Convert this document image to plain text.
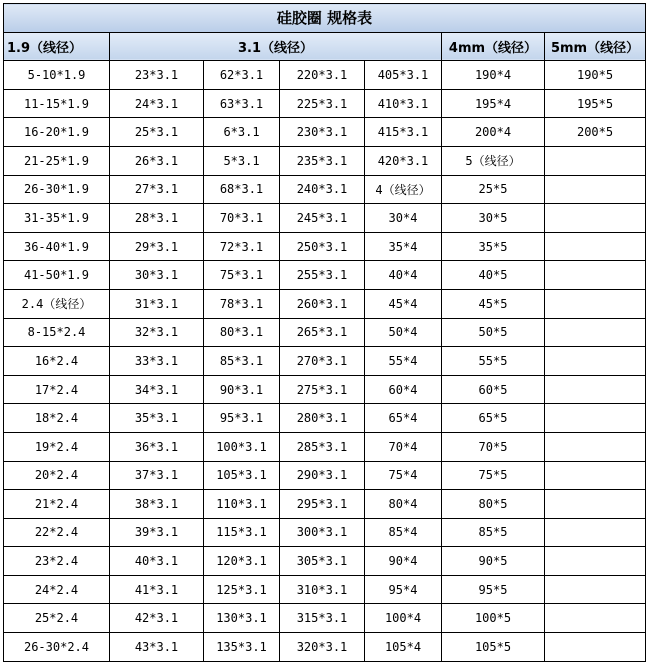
硅胶圈 规格表						
1.9（线径）	3.1（线径）				4mm（线径）	5mm（线径）
5-10*1.9	23*3.1	62*3.1	220*3.1	405*3.1	190*4	190*5
11-15*1.9	24*3.1	63*3.1	225*3.1	410*3.1	195*4	195*5
16-20*1.9	25*3.1	6*3.1	230*3.1	415*3.1	200*4	200*5
21-25*1.9	26*3.1	5*3.1	235*3.1	420*3.1	5（线径）	
26-30*1.9	27*3.1	68*3.1	240*3.1	4（线径）	25*5	
31-35*1.9	28*3.1	70*3.1	245*3.1	30*4	30*5	
36-40*1.9	29*3.1	72*3.1	250*3.1	35*4	35*5	
41-50*1.9	30*3.1	75*3.1	255*3.1	40*4	40*5	
2.4（线径）	31*3.1	78*3.1	260*3.1	45*4	45*5	
8-15*2.4	32*3.1	80*3.1	265*3.1	50*4	50*5	
16*2.4	33*3.1	85*3.1	270*3.1	55*4	55*5	
17*2.4	34*3.1	90*3.1	275*3.1	60*4	60*5	
18*2.4	35*3.1	95*3.1	280*3.1	65*4	65*5	
19*2.4	36*3.1	100*3.1	285*3.1	70*4	70*5	
20*2.4	37*3.1	105*3.1	290*3.1	75*4	75*5	
21*2.4	38*3.1	110*3.1	295*3.1	80*4	80*5	
22*2.4	39*3.1	115*3.1	300*3.1	85*4	85*5	
23*2.4	40*3.1	120*3.1	305*3.1	90*4	90*5	
24*2.4	41*3.1	125*3.1	310*3.1	95*4	95*5	
25*2.4	42*3.1	130*3.1	315*3.1	100*4	100*5	
26-30*2.4	43*3.1	135*3.1	320*3.1	105*4	105*5	
